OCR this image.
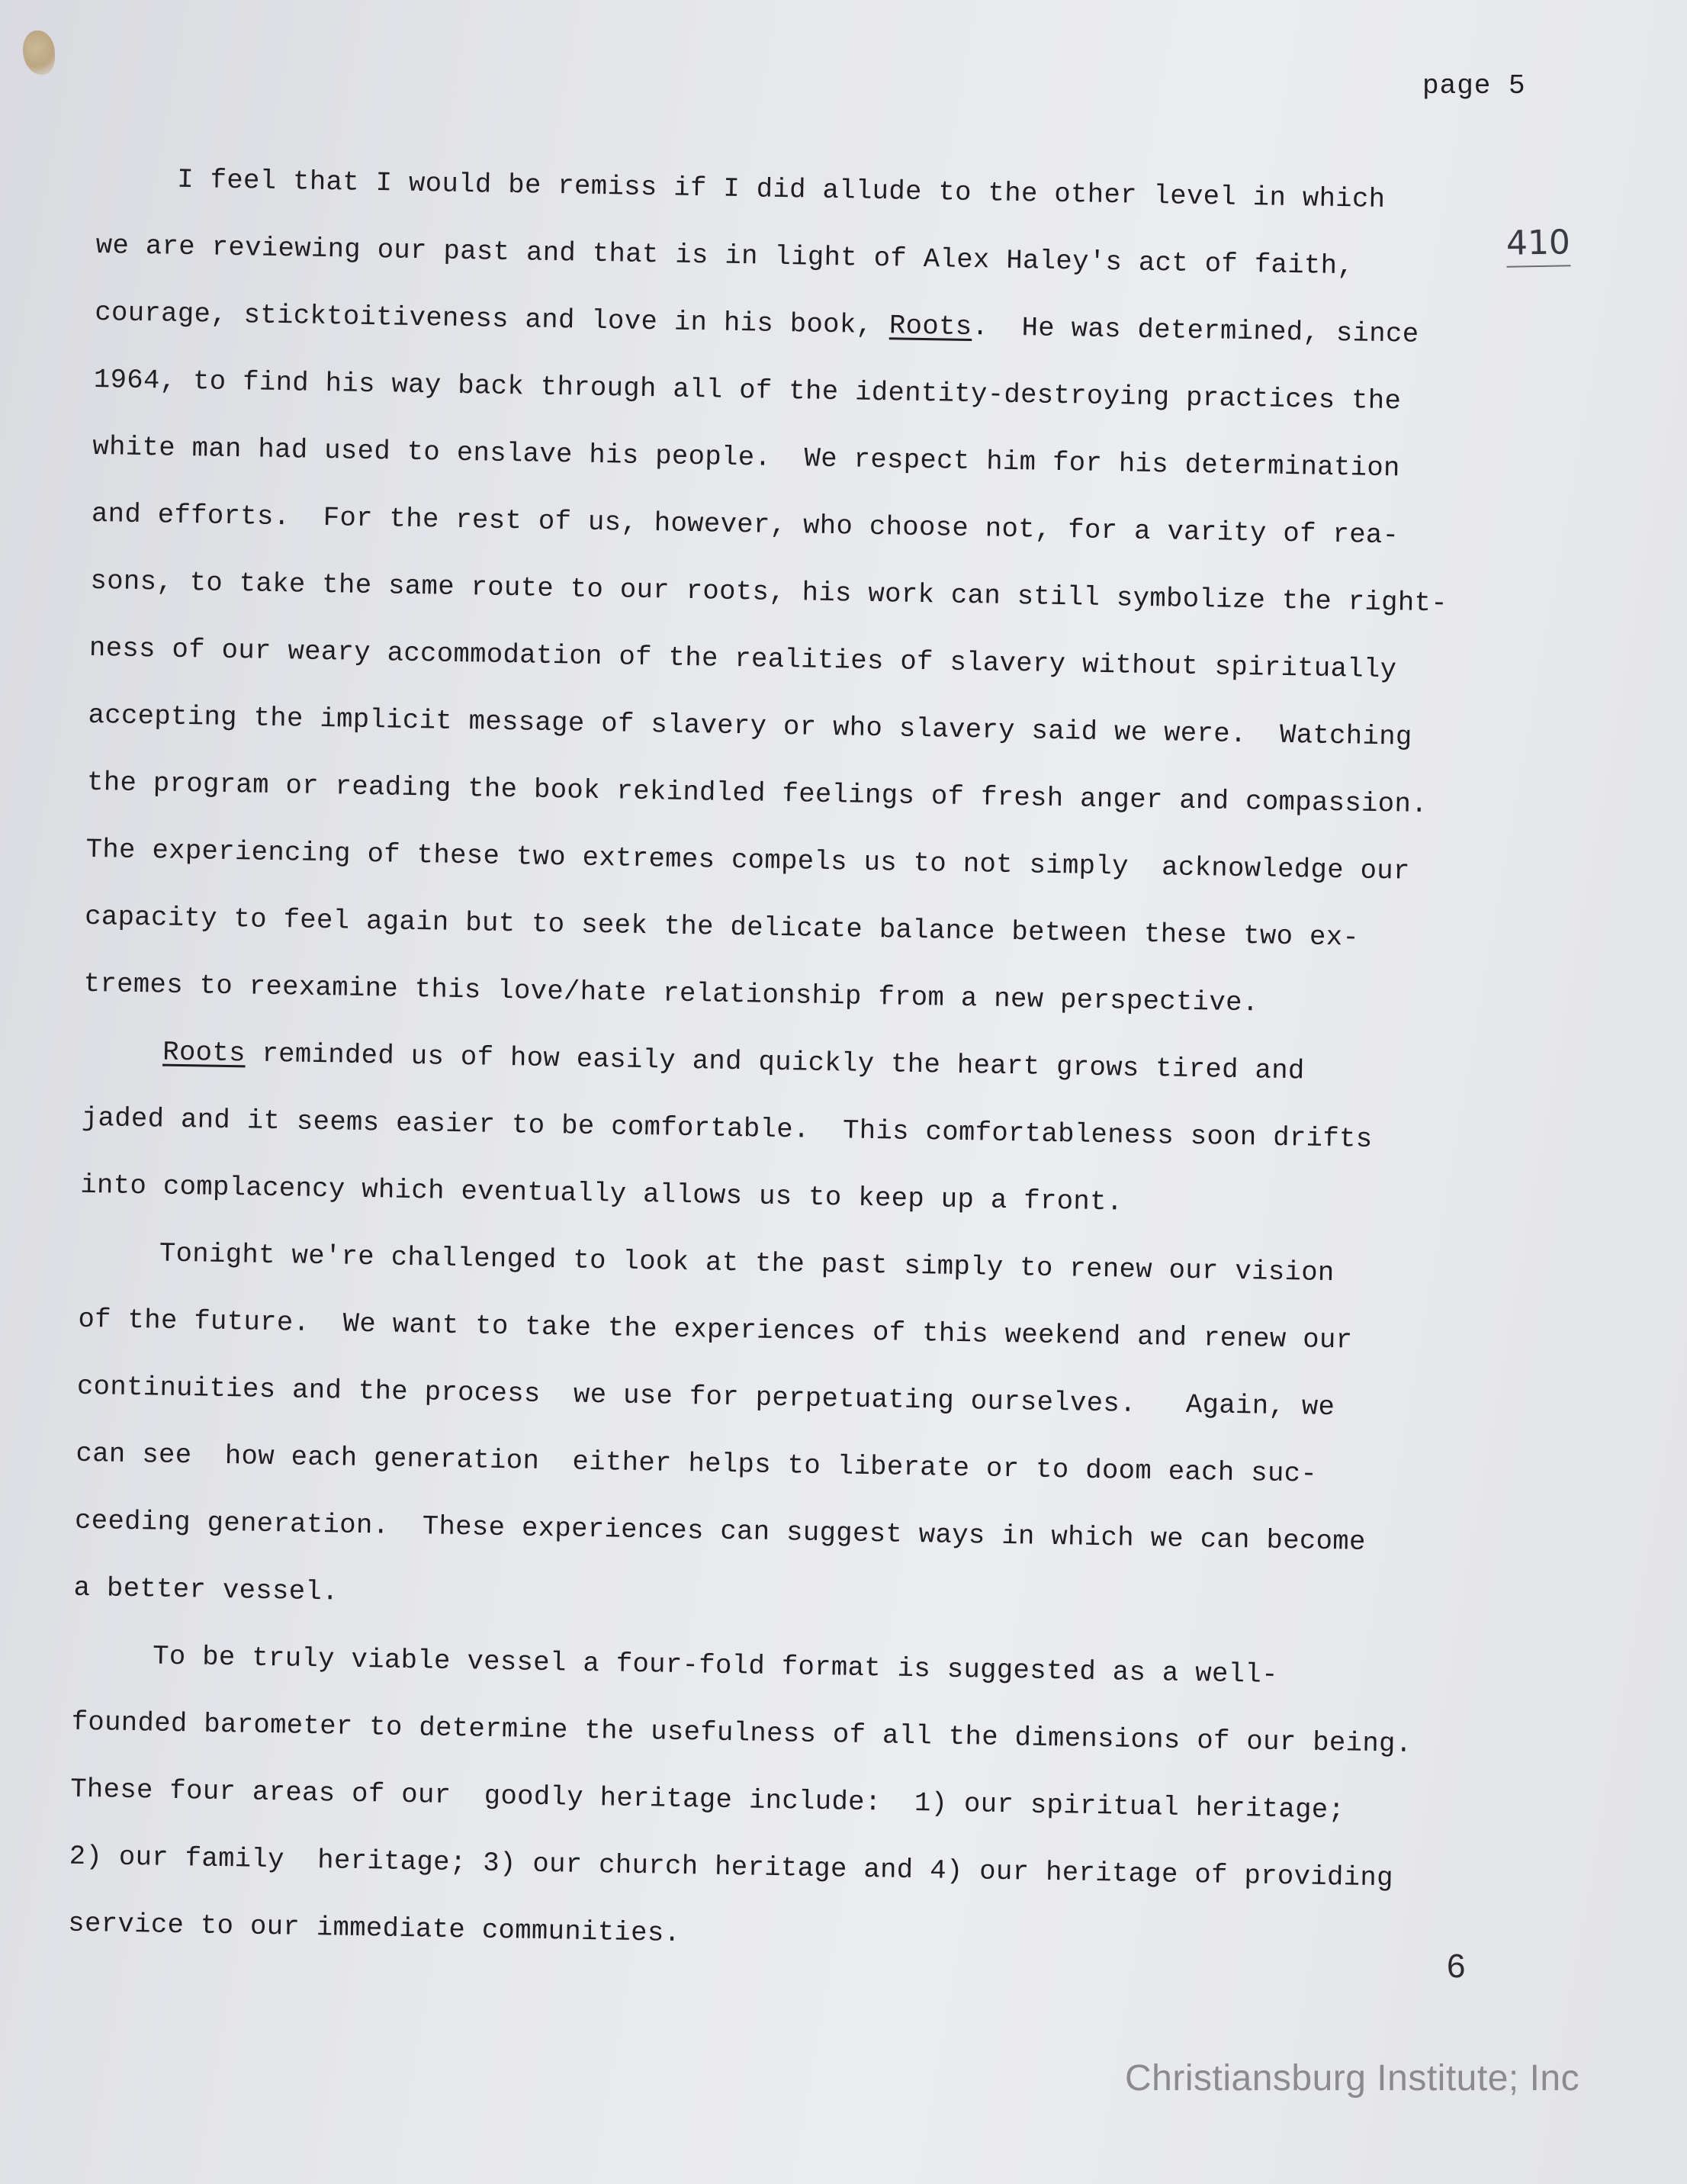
page 5
410
I feel that I would be remiss if I did allude to the other level in which
we are reviewing our past and that is in light of Alex Haley's act of faith,
courage, sticktoitiveness and love in his book, Roots.  He was determined, since
1964, to find his way back through all of the identity-destroying practices the
white man had used to enslave his people.  We respect him for his determination
and efforts.  For the rest of us, however, who choose not, for a varity of rea-
sons, to take the same route to our roots, his work can still symbolize the right-
ness of our weary accommodation of the realities of slavery without spiritually
accepting the implicit message of slavery or who slavery said we were.  Watching
the program or reading the book rekindled feelings of fresh anger and compassion.
The experiencing of these two extremes compels us to not simply  acknowledge our
capacity to feel again but to seek the delicate balance between these two ex-
tremes to reexamine this love/hate relationship from a new perspective.
Roots reminded us of how easily and quickly the heart grows tired and
jaded and it seems easier to be comfortable.  This comfortableness soon drifts
into complacency which eventually allows us to keep up a front.
Tonight we're challenged to look at the past simply to renew our vision
of the future.  We want to take the experiences of this weekend and renew our
continuities and the process  we use for perpetuating ourselves.   Again, we
can see  how each generation  either helps to liberate or to doom each suc-
ceeding generation.  These experiences can suggest ways in which we can become
a better vessel.
To be truly viable vessel a four-fold format is suggested as a well-
founded barometer to determine the usefulness of all the dimensions of our being.
These four areas of our  goodly heritage include:  1) our spiritual heritage;
2) our family  heritage; 3) our church heritage and 4) our heritage of providing
service to our immediate communities.
6
Christiansburg Institute; Inc
